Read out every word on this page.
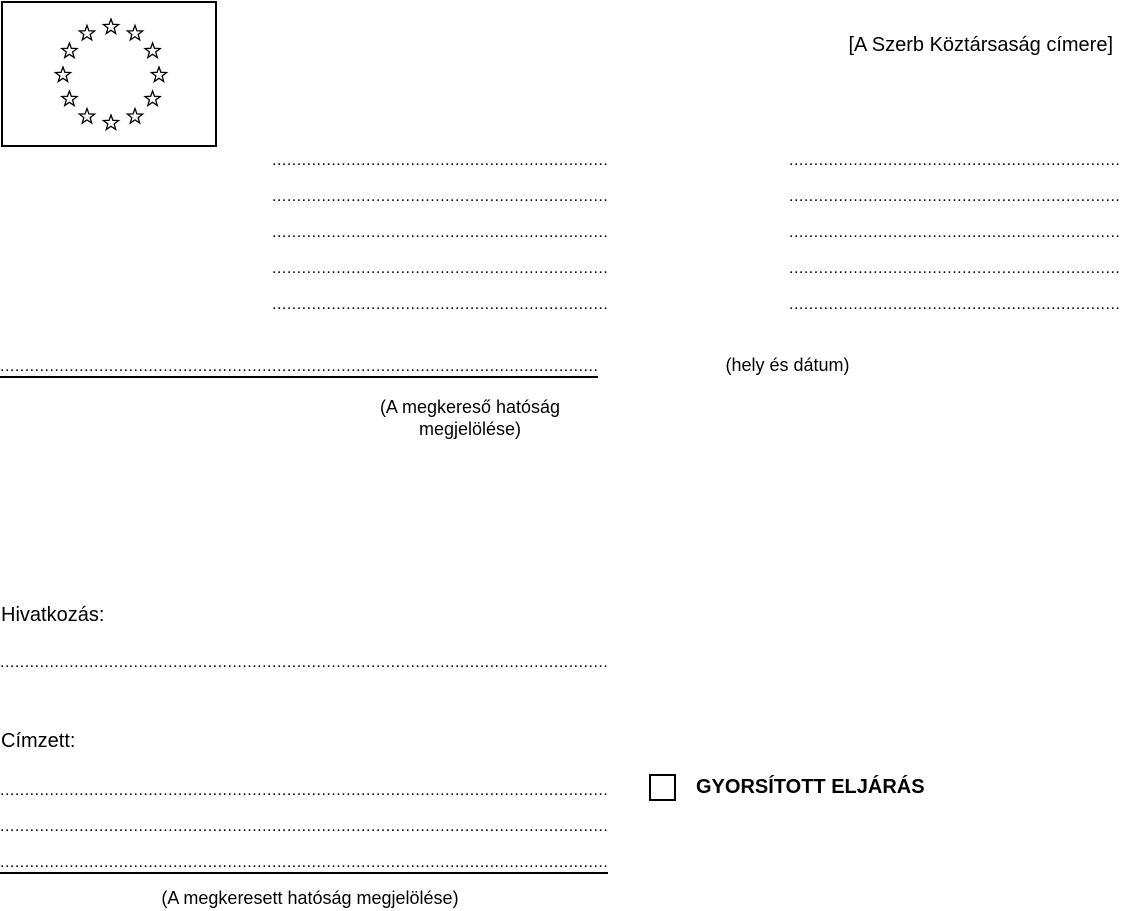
[A Szerb Köztársaság címere]
.....
.....
.....
.....
.....
.....
.....
.....
.....
.....
.....
(A megkereső hatóság megjelölése)
(hely és dátum)
Hivatkozás:
.....
Címzett:
.....
.....
.....
(A megkeresett hatóság megjelölése)
GYORSÍTOTT ELJÁRÁS
